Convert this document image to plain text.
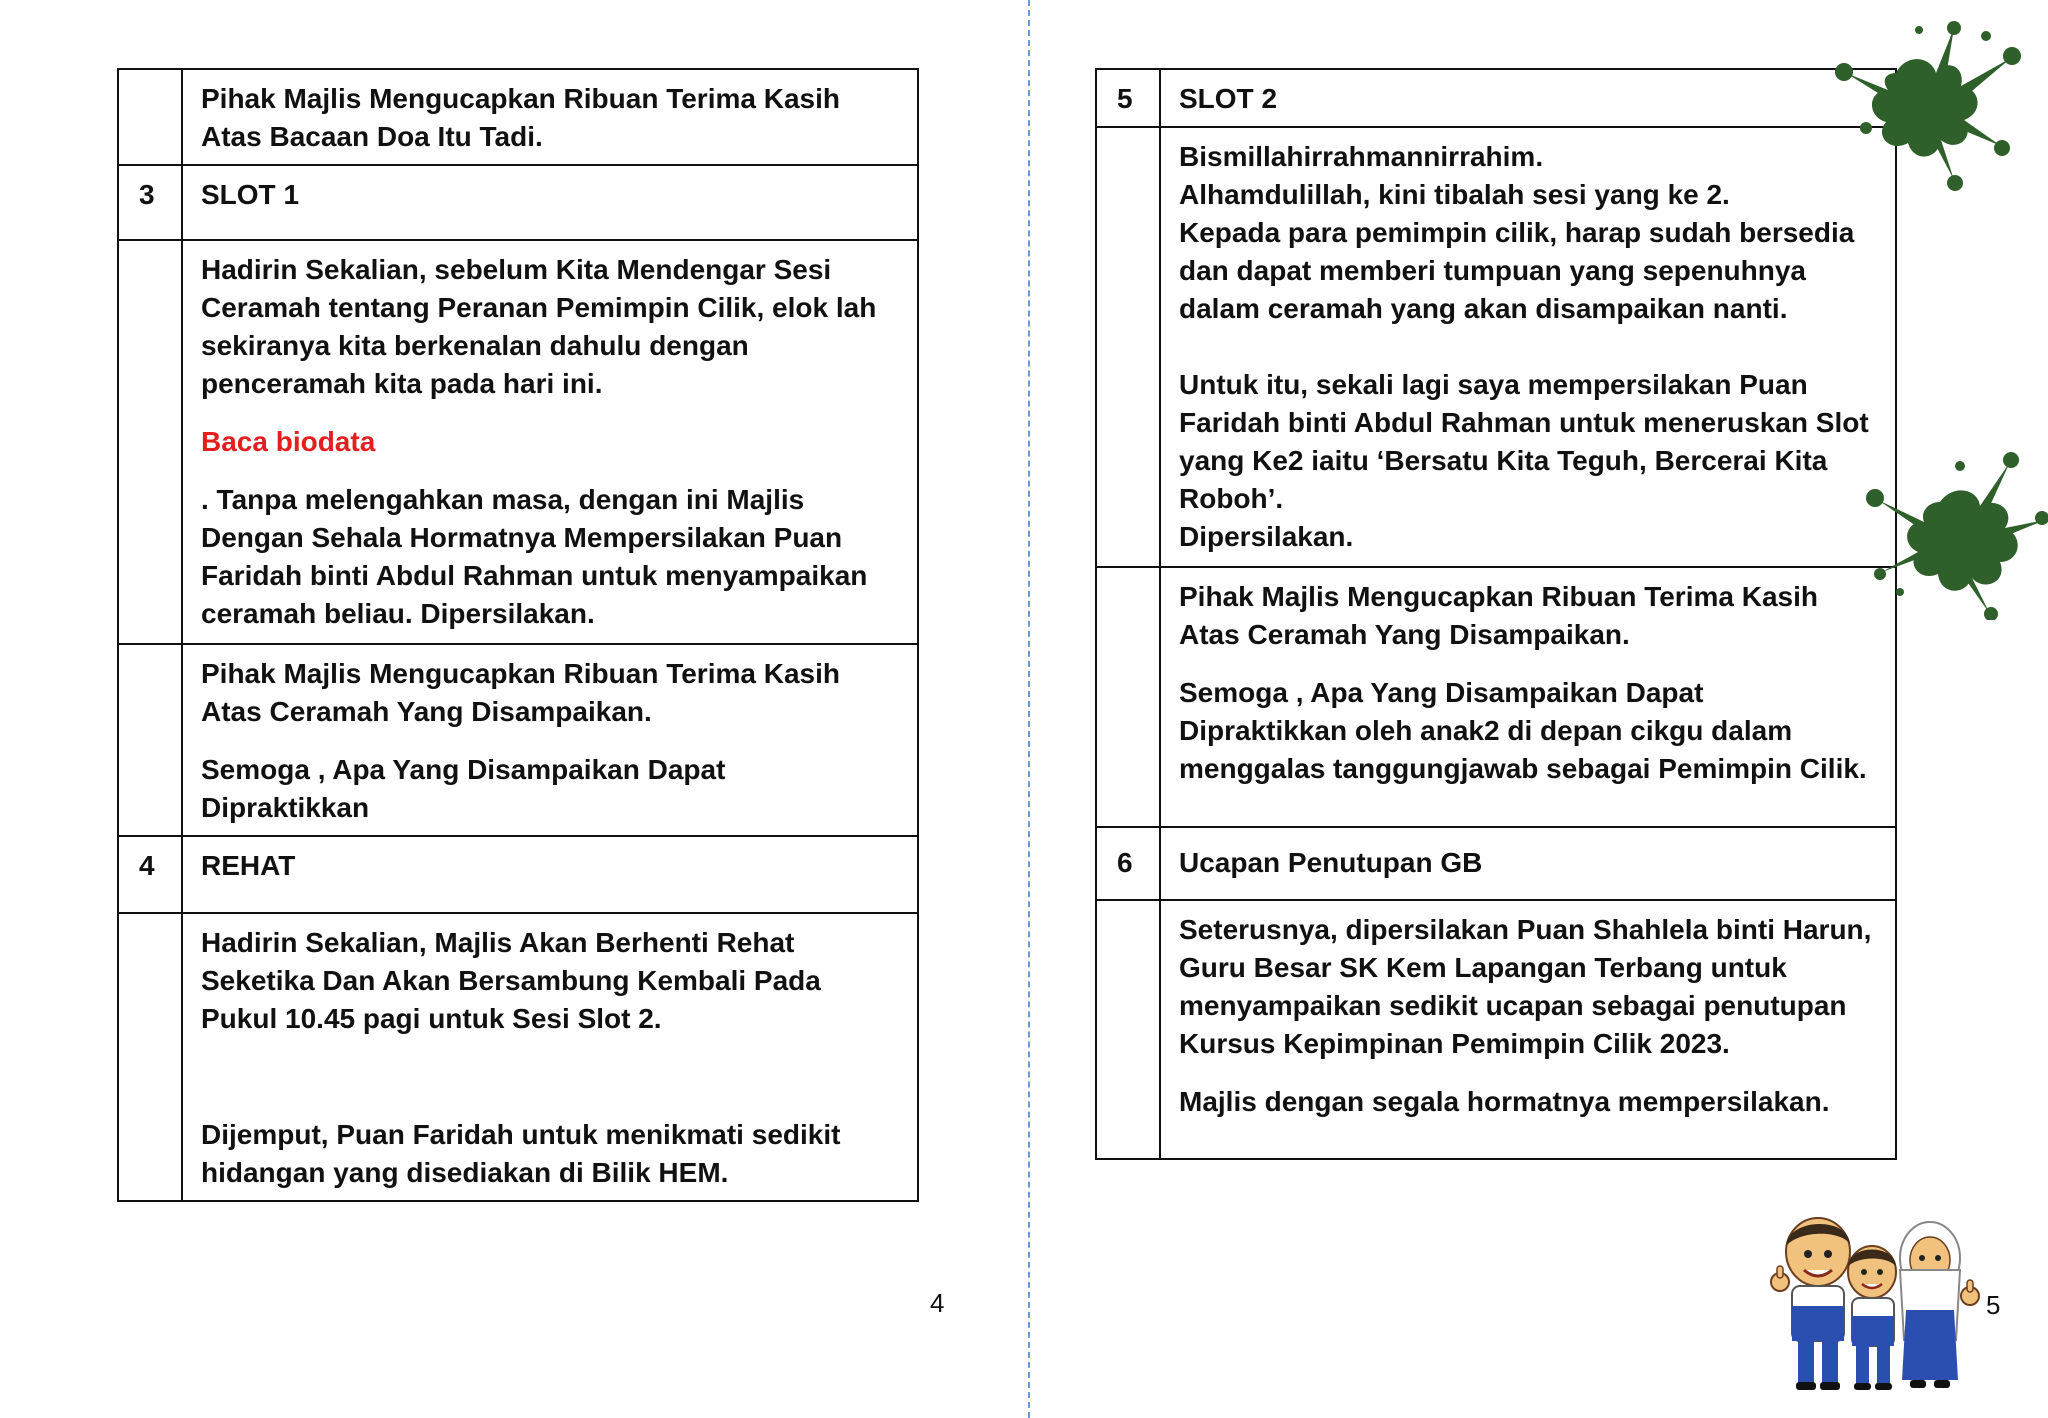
	Pihak Majlis Mengucapkan Ribuan Terima Kasih Atas Bacaan Doa Itu Tadi.

3	SLOT 1

	Hadirin Sekalian, sebelum Kita Mendengar Sesi Ceramah tentang Peranan Pemimpin Cilik, elok lah sekiranya kita berkenalan dahulu dengan penceramah kita pada hari ini.

Baca biodata

. Tanpa melengahkan masa, dengan ini Majlis Dengan Sehala Hormatnya Mempersilakan Puan Faridah binti Abdul Rahman untuk menyampaikan ceramah beliau. Dipersilakan.

	Pihak Majlis Mengucapkan Ribuan Terima Kasih Atas Ceramah Yang Disampaikan.

Semoga , Apa Yang Disampaikan Dapat Dipraktikkan

4	REHAT

	Hadirin Sekalian, Majlis Akan Berhenti Rehat Seketika Dan Akan Bersambung Kembali Pada Pukul 10.45 pagi untuk Sesi Slot 2.

Dijemput, Puan Faridah untuk menikmati sedikit hidangan yang disediakan di Bilik HEM.

4
5	SLOT 2

	Bismillahirrahmannirrahim.
Alhamdulillah, kini tibalah sesi yang ke 2.
Kepada para pemimpin cilik, harap sudah bersedia dan dapat memberi tumpuan yang sepenuhnya dalam ceramah yang akan disampaikan nanti.

Untuk itu, sekali lagi saya mempersilakan Puan Faridah binti Abdul Rahman untuk meneruskan Slot yang Ke2 iaitu ‘Bersatu Kita Teguh, Bercerai Kita Roboh’.
Dipersilakan.

	Pihak Majlis Mengucapkan Ribuan Terima Kasih Atas Ceramah Yang Disampaikan.

Semoga , Apa Yang Disampaikan Dapat Dipraktikkan oleh anak2 di depan cikgu dalam menggalas tanggungjawab sebagai Pemimpin Cilik.

6	Ucapan Penutupan GB

	Seterusnya, dipersilakan Puan Shahlela binti Harun, Guru Besar SK Kem Lapangan Terbang untuk menyampaikan sedikit ucapan sebagai penutupan Kursus Kepimpinan Pemimpin Cilik 2023.

Majlis dengan segala hormatnya mempersilakan.

5
